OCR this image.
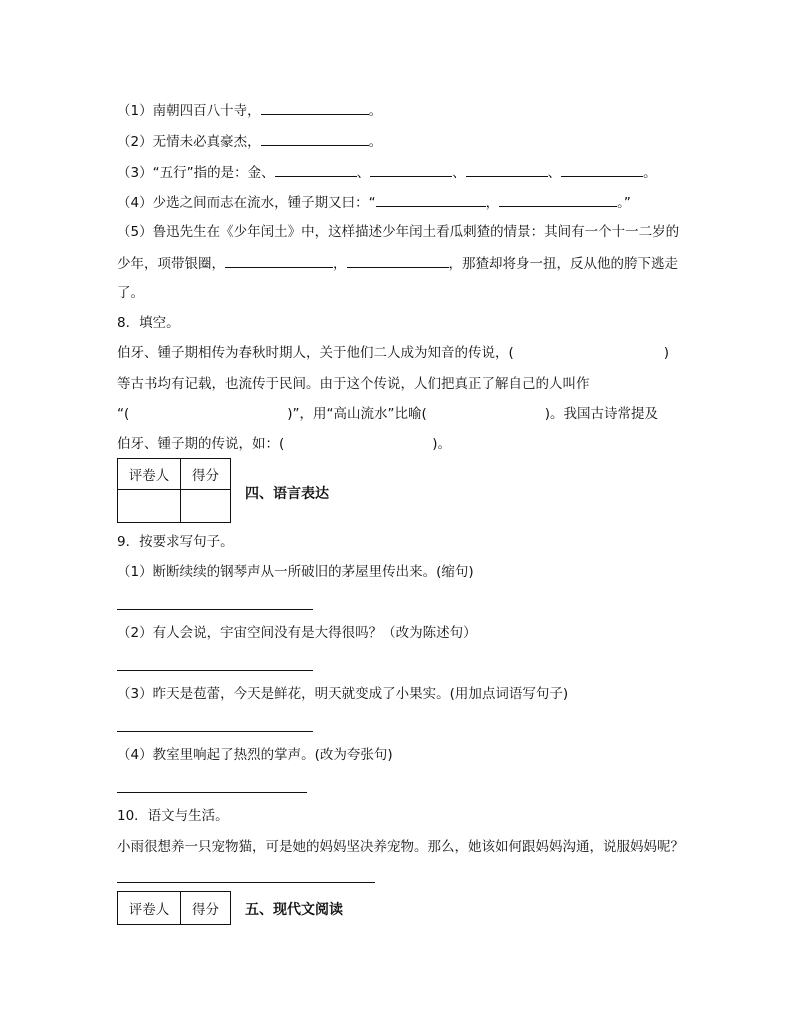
（1）南朝四百八十寺，	。
（2）无情未必真豪杰，	。
（3）“五行”指的是：金、	、	、	、	。
（4）少选之间而志在流水，锺子期又曰：“	，	。”
（5）鲁迅先生在《少年闰土》中，这样描述少年闰土看瓜刺猹的情景：其间有一个十一二岁的
少年，项带银圈，	，	，那猹却将身一扭，反从他的胯下逃走
了。
8．填空。
伯牙、锺子期相传为春秋时期人，关于他们二人成为知音的传说，(	)
等古书均有记载，也流传于民间。由于这个传说，人们把真正了解自己的人叫作
“(	)”，用“高山流水”比喻(	)。我国古诗常提及
伯牙、锺子期的传说，如：(	)。
评卷人	得分

四、语言表达
9．按要求写句子。
（1）断断续续的钢琴声从一所破旧的茅屋里传出来。(缩句)
（2）有人会说，宇宙空间没有是大得很吗？（改为陈述句）
（3）昨天是苞蕾，今天是鲜花，明天就变成了小果实。(用加点词语写句子)
（4）教室里响起了热烈的掌声。(改为夸张句)
10．语文与生活。
小雨很想养一只宠物猫，可是她的妈妈坚决养宠物。那么，她该如何跟妈妈沟通，说服妈妈呢？
评卷人	得分 五、现代文阅读
